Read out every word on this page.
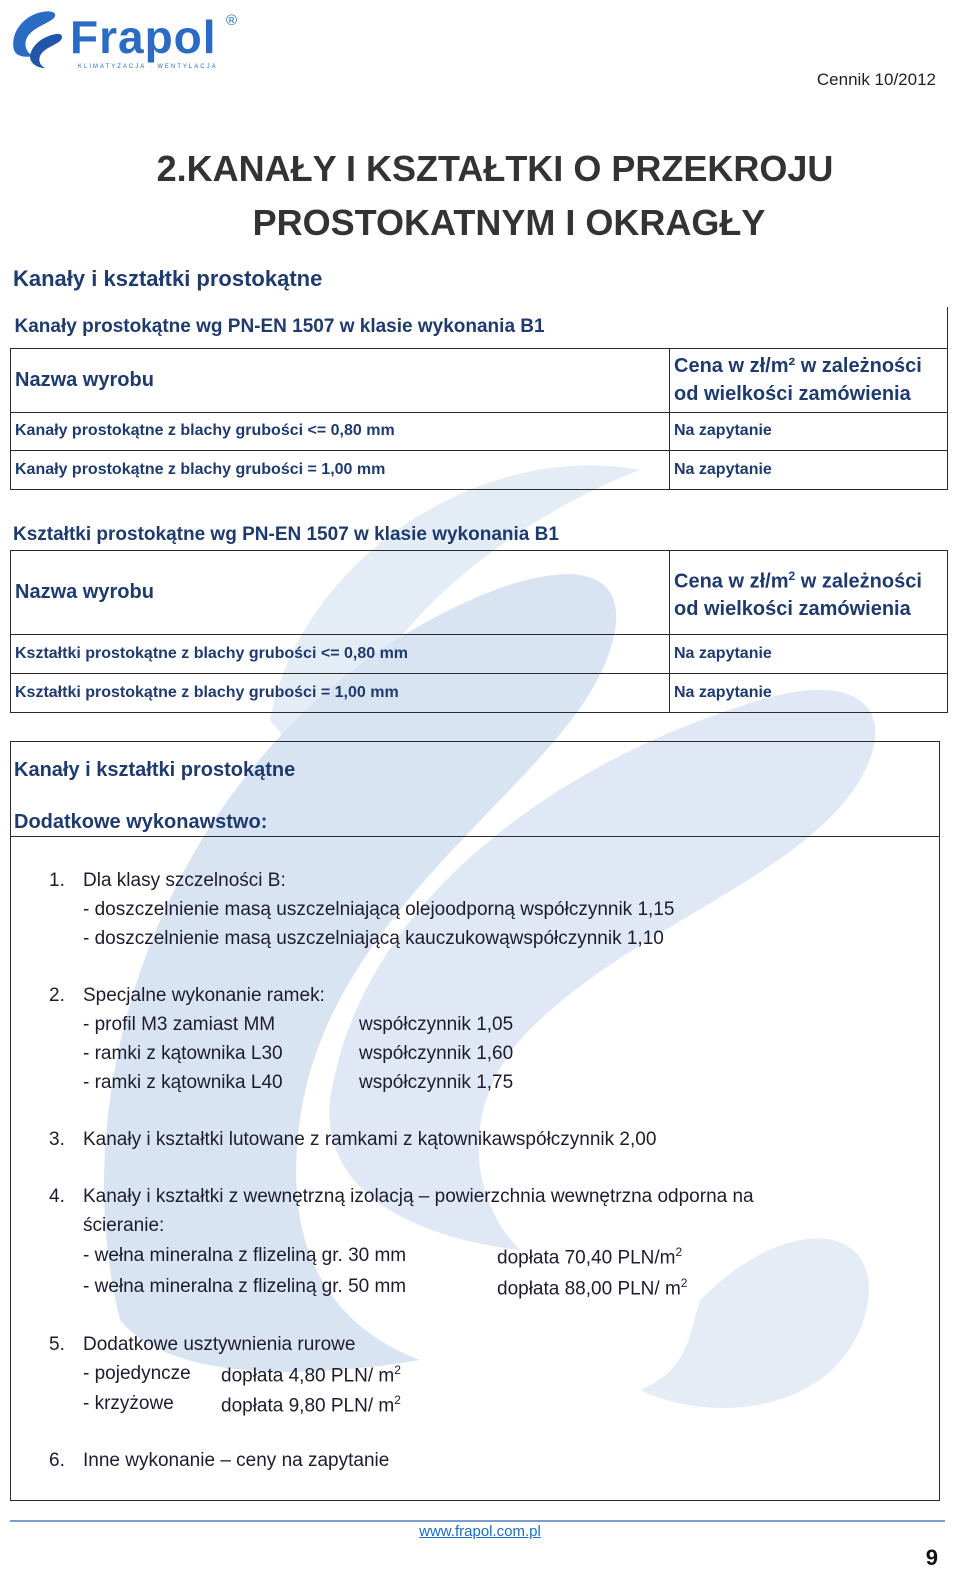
Frapol ®
KLIMATYZACJA · WENTYLACJA
Cennik 10/2012
2.KANAŁY I KSZTAŁTKI O PRZEKROJU
PROSTOKATNYM I OKRAGŁY
Kanały i kształtki prostokątne
Kanały prostokątne wg PN-EN 1507 w klasie wykonania B1	
Nazwa wyrobu	Cena w zł/m² w zależności
od wielkości zamówienia
Kanały prostokątne z blachy grubości <= 0,80 mm	Na zapytanie
Kanały prostokątne z blachy grubości = 1,00 mm	Na zapytanie
Kształtki prostokątne wg PN-EN 1507 w klasie wykonania B1
Nazwa wyrobu	Cena w $zł/m^2$ w zależności
od wielkości zamówienia
Kształtki prostokątne z blachy grubości <= 0,80 mm	Na zapytanie
Kształtki prostokątne z blachy grubości = 1,00 mm	Na zapytanie
Kanały i kształtki prostokątne
Dodatkowe wykonawstwo:
1. Dla klasy szczelności B:
- doszczelnienie masą uszczelniającą olejoodporną współczynnik 1,15
- doszczelnienie masą uszczelniającą kauczukowąwspółczynnik 1,10
2. Specjalne wykonanie ramek:
- profil M3 zamiast MM	współczynnik 1,05
- ramki z kątownika L30	współczynnik 1,60
- ramki z kątownika L40	współczynnik 1,75
3. Kanały i kształtki lutowane z ramkami z kątownikawspółczynnik 2,00
4. Kanały i kształtki z wewnętrzną izolacją – powierzchnia wewnętrzna odporna na
ścieranie:
- wełna mineralna z flizeliną gr. 30 mm	dopłata 70,40 PLN/$m^2$
- wełna mineralna z flizeliną gr. 50 mm	dopłata 88,00 PLN/ $m^2$
5. Dodatkowe usztywnienia rurowe
- pojedyncze dopłata 4,80 PLN/ $m^2$
- krzyżowe dopłata 9,80 PLN/ $m^2$
6. Inne wykonanie – ceny na zapytanie
www.frapol.com.pl
9
